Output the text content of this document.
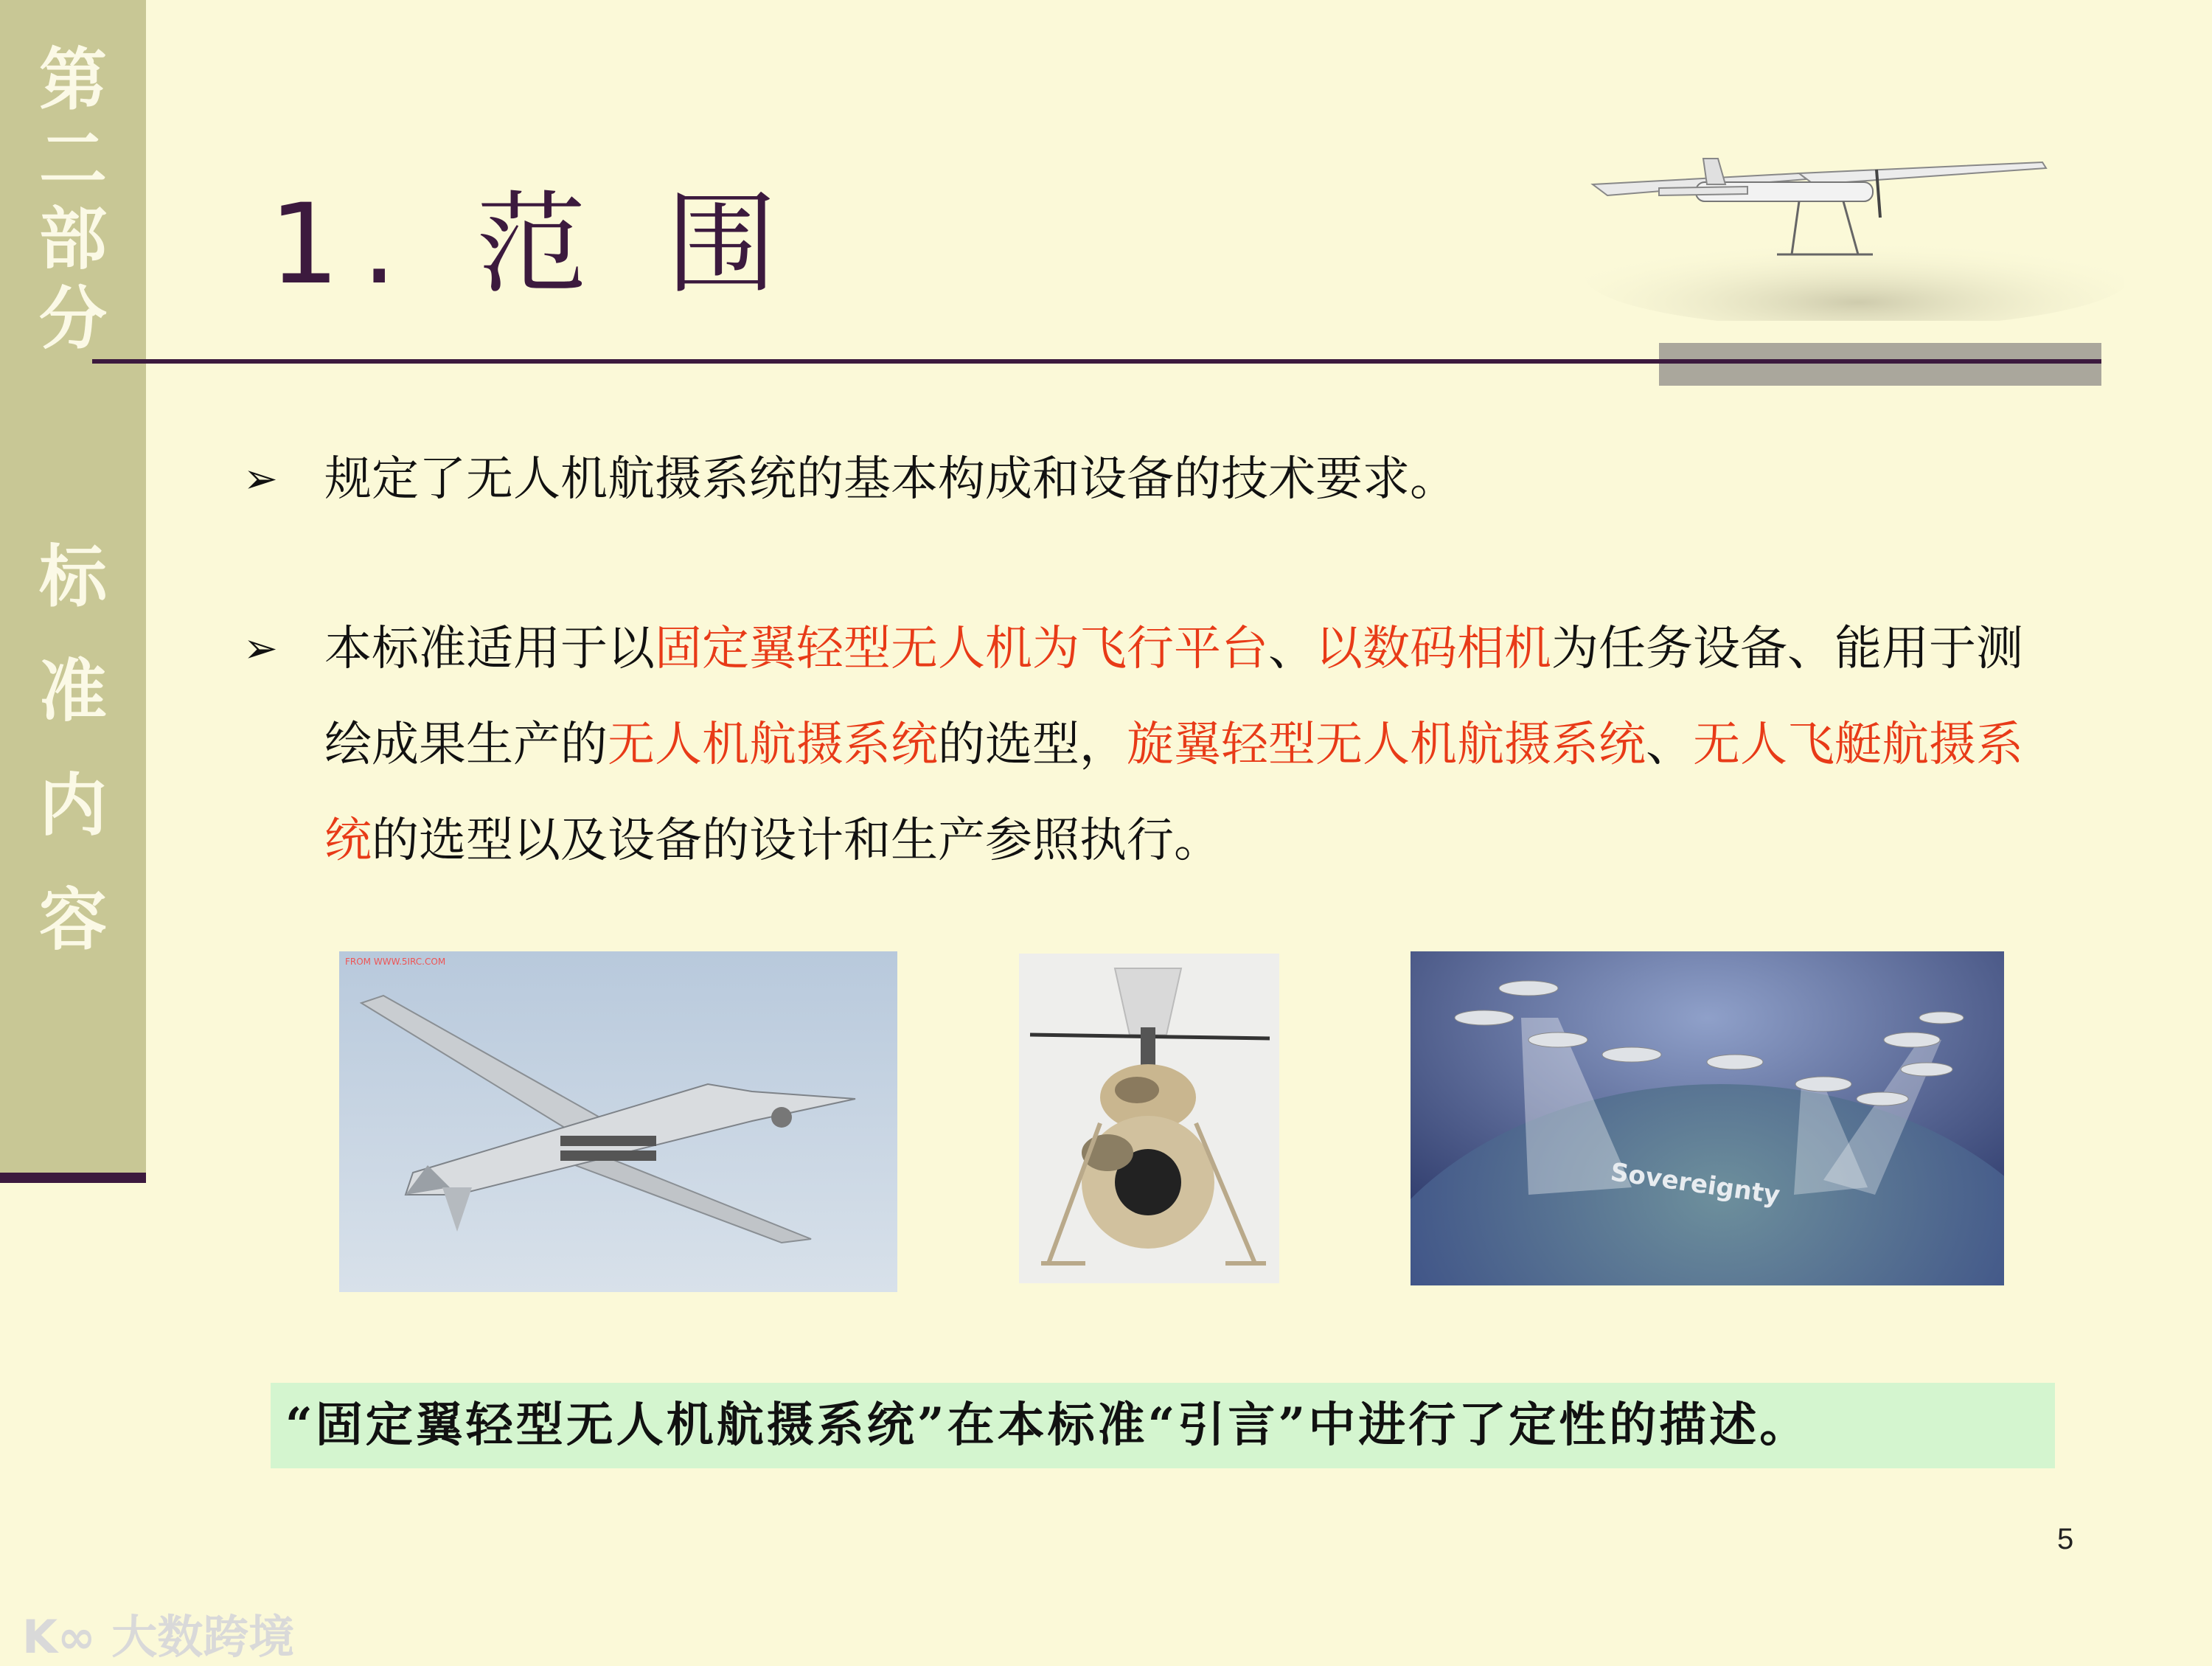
第
二
部
分
标
准
内
容
1. 范 围
➢ 规定了无人机航摄系统的基本构成和设备的技术要求。
➢ 本标准适用于以固定翼轻型无人机为飞行平台、以数码相机为任务设备、能用于测绘成果生产的无人机航摄系统的选型，旋翼轻型无人机航摄系统、无人飞艇航摄系统的选型以及设备的设计和生产参照执行。
FROM WWW.5IRC.COM
Sovereignty
“固定翼轻型无人机航摄系统”在本标准“引言”中进行了定性的描述。
5
K∞ 大数跨境
